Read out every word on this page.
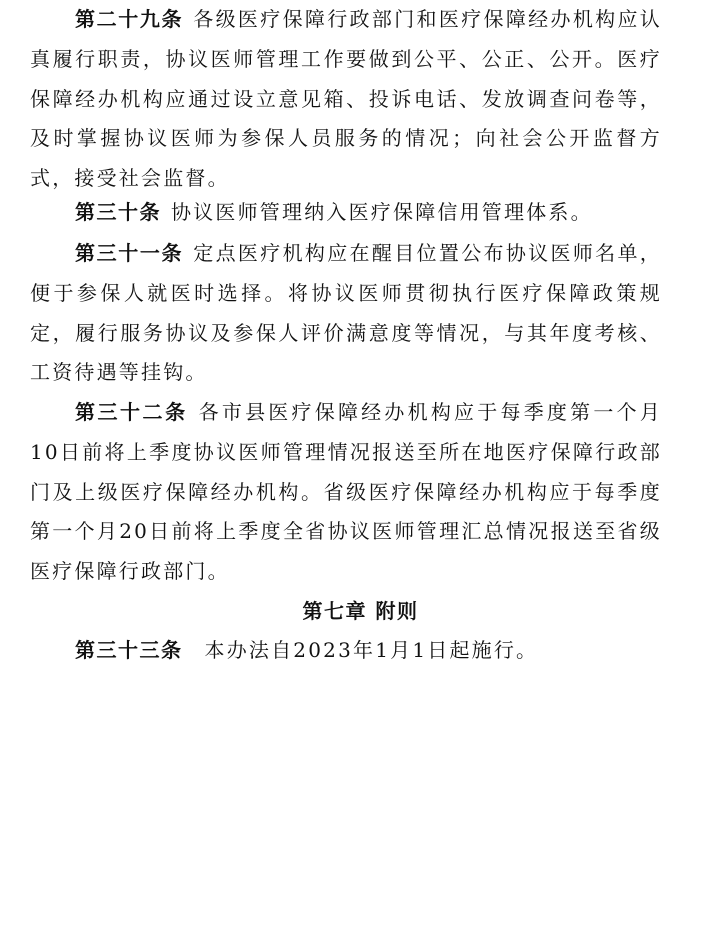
第二十九条 各级医疗保障行政部门和医疗保障经办机构应认真履行职责，协议医师管理工作要做到公平、公正、公开。医疗保障经办机构应通过设立意见箱、投诉电话、发放调查问卷等，及时掌握协议医师为参保人员服务的情况；向社会公开监督方式，接受社会监督。

第三十条 协议医师管理纳入医疗保障信用管理体系。

第三十一条 定点医疗机构应在醒目位置公布协议医师名单，便于参保人就医时选择。将协议医师贯彻执行医疗保障政策规定，履行服务协议及参保人评价满意度等情况，与其年度考核、工资待遇等挂钩。

第三十二条 各市县医疗保障经办机构应于每季度第一个月10日前将上季度协议医师管理情况报送至所在地医疗保障行政部门及上级医疗保障经办机构。省级医疗保障经办机构应于每季度第一个月20日前将上季度全省协议医师管理汇总情况报送至省级医疗保障行政部门。

第七章 附则

第三十三条 本办法自2023年1月1日起施行。
